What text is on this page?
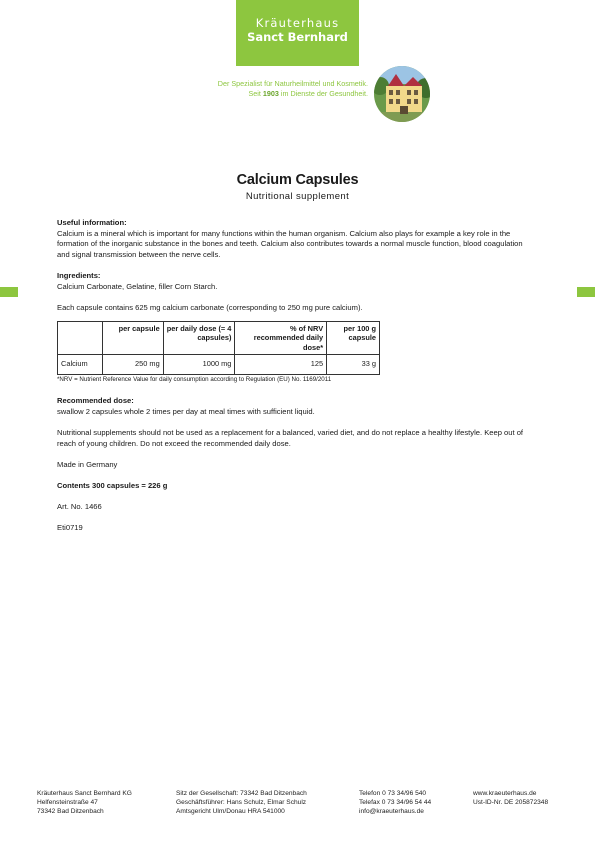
Kräuterhaus
Sanct Bernhard
Der Spezialist für Naturheilmittel und Kosmetik.
Seit 1903 im Dienste der Gesundheit.
Calcium Capsules
Nutritional supplement

Useful information:

Calcium is a mineral which is important for many functions within the human organism. Calcium also plays for example a key role in the formation of the inorganic substance in the bones and teeth. Calcium also contributes towards a normal muscle function, blood coagulation and signal transmission between the nerve cells.

Ingredients:

Calcium Carbonate, Gelatine, filler Corn Starch.

Each capsule contains 625 mg calcium carbonate (corresponding to 250 mg pure calcium).

	per capsule	per daily dose (= 4 capsules)	% of NRV recommended daily dose*	per 100 g capsule
Calcium	250 mg	1000 mg	125	33 g

*NRV = Nutrient Reference Value for daily consumption according to Regulation (EU) No. 1169/2011

Recommended dose:

swallow 2 capsules whole 2 times per day at meal times with sufficient liquid.

Nutritional supplements should not be used as a replacement for a balanced, varied diet, and do not replace a healthy lifestyle. Keep out of reach of young children. Do not exceed the recommended daily dose.

Made in Germany

Contents 300 capsules = 226 g

Art. No. 1466

Eti0719

Kräuterhaus Sanct Bernhard KG
Helfensteinstraße 47
73342 Bad Ditzenbach
Sitz der Gesellschaft: 73342 Bad Ditzenbach
Geschäftsführer: Hans Schulz, Elmar Schulz
Amtsgericht Ulm/Donau HRA 541000
Telefon 0 73 34/96 540
Telefax 0 73 34/96 54 44
info@kraeuterhaus.de
www.kraeuterhaus.de
Ust-ID-Nr. DE 205872348
